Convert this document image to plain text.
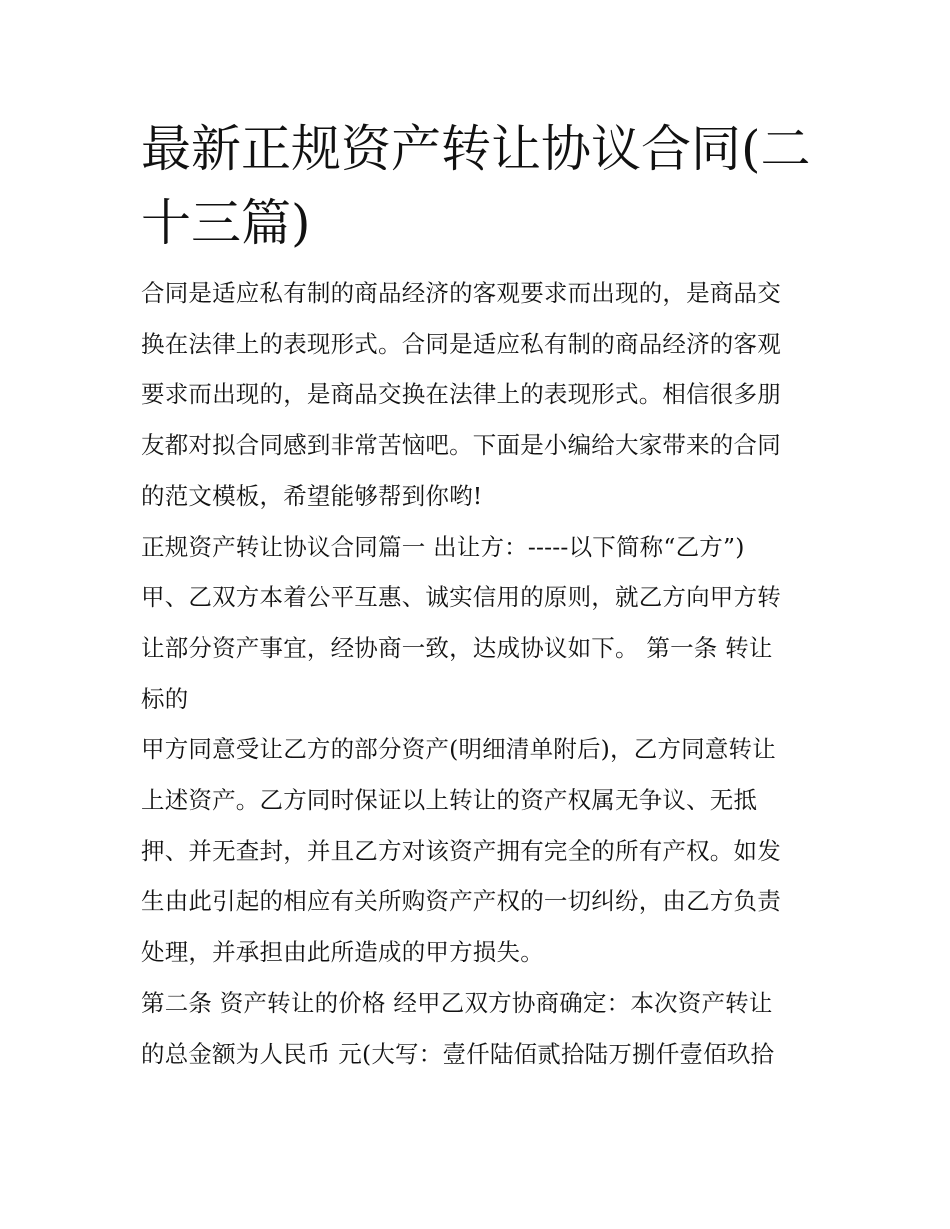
最新正规资产转让协议合同(二
十三篇)

合同是适应私有制的商品经济的客观要求而出现的，是商品交
换在法律上的表现形式。合同是适应私有制的商品经济的客观
要求而出现的，是商品交换在法律上的表现形式。相信很多朋
友都对拟合同感到非常苦恼吧。下面是小编给大家带来的合同
的范文模板，希望能够帮到你哟!

正规资产转让协议合同篇一 出让方：-----以下简称“乙方”)

甲、乙双方本着公平互惠、诚实信用的原则，就乙方向甲方转
让部分资产事宜，经协商一致，达成协议如下。 第一条 转让
标的

甲方同意受让乙方的部分资产(明细清单附后)，乙方同意转让
上述资产。乙方同时保证以上转让的资产权属无争议、无抵
押、并无查封，并且乙方对该资产拥有完全的所有产权。如发
生由此引起的相应有关所购资产产权的一切纠纷，由乙方负责
处理，并承担由此所造成的甲方损失。

第二条 资产转让的价格 经甲乙双方协商确定：本次资产转让
的总金额为人民币 元(大写：壹仟陆佰贰拾陆万捌仟壹佰玖拾
